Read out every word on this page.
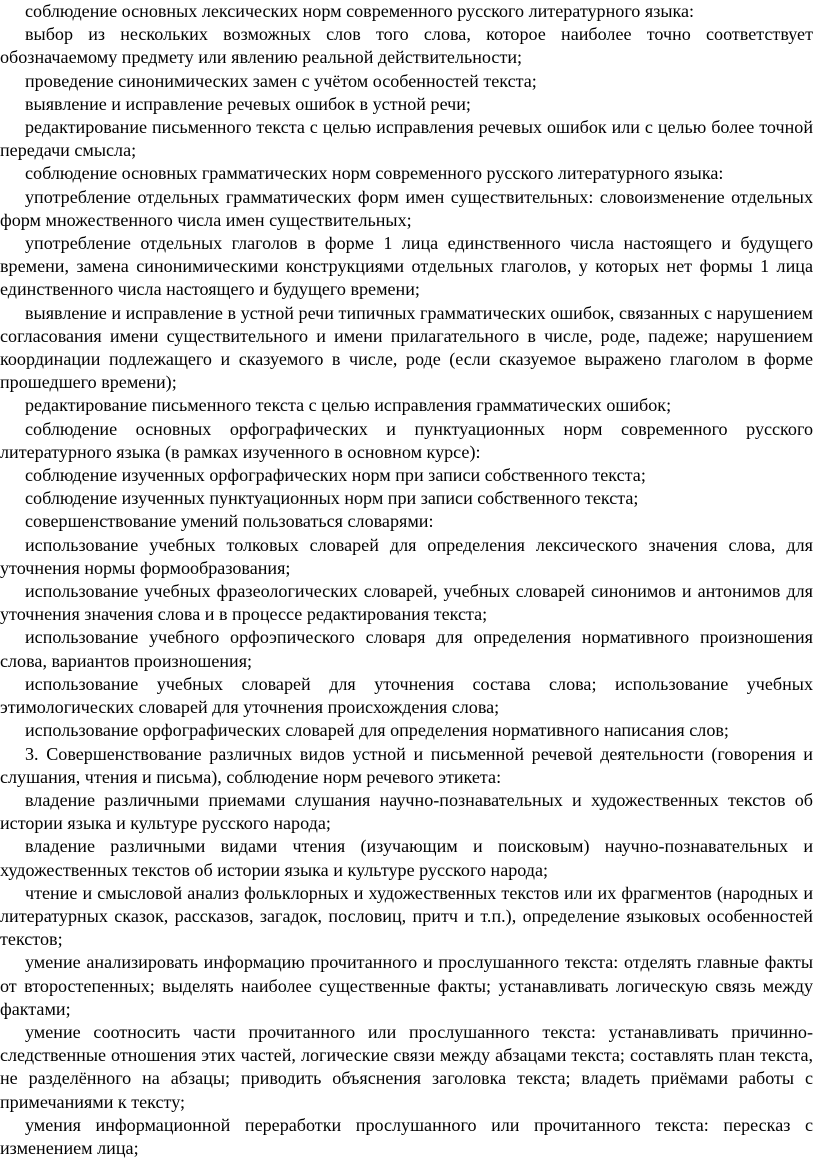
соблюдение основных лексических норм современного русского литературного языка:

выбор из нескольких возможных слов того слова, которое наиболее точно соответствует обозначаемому предмету или явлению реальной действительности;

проведение синонимических замен с учётом особенностей текста;

выявление и исправление речевых ошибок в устной речи;

редактирование письменного текста с целью исправления речевых ошибок или с целью более точной передачи смысла;

соблюдение основных грамматических норм современного русского литературного языка:

употребление отдельных грамматических форм имен существительных: словоизменение отдельных форм множественного числа имен существительных;

употребление отдельных глаголов в форме 1 лица единственного числа настоящего и будущего времени, замена синонимическими конструкциями отдельных глаголов, у которых нет формы 1 лица единственного числа настоящего и будущего времени;

выявление и исправление в устной речи типичных грамматических ошибок, связанных с нарушением согласования имени существительного и имени прилагательного в числе, роде, падеже; нарушением координации подлежащего и сказуемого в числе, роде (если сказуемое выражено глаголом в форме прошедшего времени);

редактирование письменного текста с целью исправления грамматических ошибок;

соблюдение основных орфографических и пунктуационных норм современного русского литературного языка (в рамках изученного в основном курсе):

соблюдение изученных орфографических норм при записи собственного текста;

соблюдение изученных пунктуационных норм при записи собственного текста;

совершенствование умений пользоваться словарями:

использование учебных толковых словарей для определения лексического значения слова, для уточнения нормы формообразования;

использование учебных фразеологических словарей, учебных словарей синонимов и антонимов для уточнения значения слова и в процессе редактирования текста;

использование учебного орфоэпического словаря для определения нормативного произношения слова, вариантов произношения;

использование учебных словарей для уточнения состава слова; использование учебных этимологических словарей для уточнения происхождения слова;

использование орфографических словарей для определения нормативного написания слов;

3. Совершенствование различных видов устной и письменной речевой деятельности (говорения и слушания, чтения и письма), соблюдение норм речевого этикета:

владение различными приемами слушания научно-познавательных и художественных текстов об истории языка и культуре русского народа;

владение различными видами чтения (изучающим и поисковым) научно-познавательных и художественных текстов об истории языка и культуре русского народа;

чтение и смысловой анализ фольклорных и художественных текстов или их фрагментов (народных и литературных сказок, рассказов, загадок, пословиц, притч и т.п.), определение языковых особенностей текстов;

умение анализировать информацию прочитанного и прослушанного текста: отделять главные факты от второстепенных; выделять наиболее существенные факты; устанавливать логическую связь между фактами;

умение соотносить части прочитанного или прослушанного текста: устанавливать причинно-следственные отношения этих частей, логические связи между абзацами текста; составлять план текста, не разделённого на абзацы; приводить объяснения заголовка текста; владеть приёмами работы с примечаниями к тексту;

умения информационной переработки прослушанного или прочитанного текста: пересказ с изменением лица;
